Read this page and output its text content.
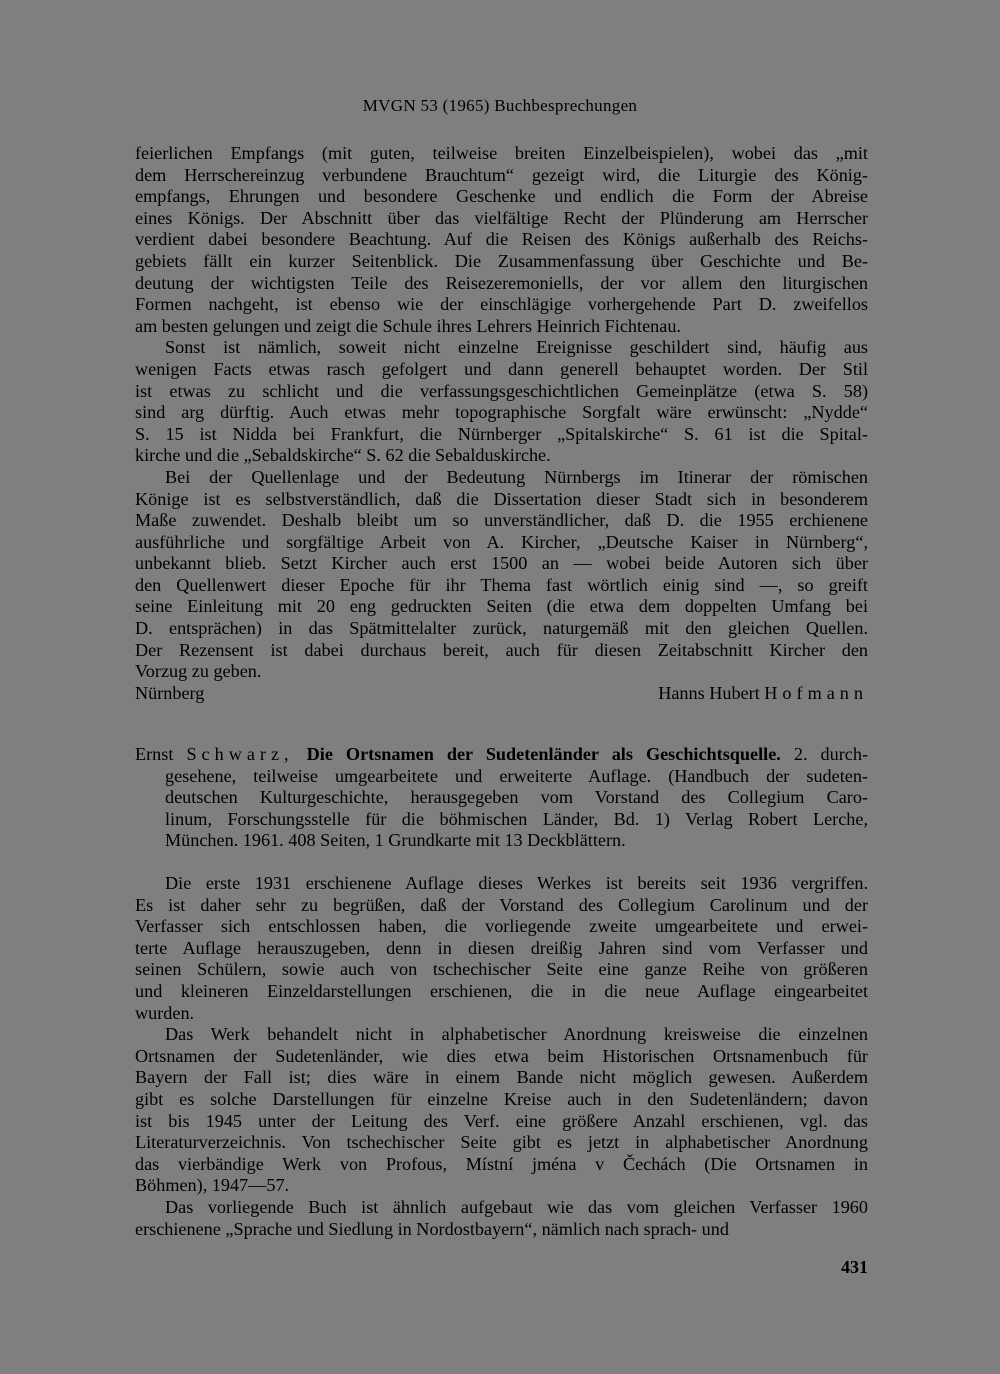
MVGN 53 (1965) Buchbesprechungen
feierlichen Empfangs (mit guten, teilweise breiten Einzelbeispielen), wobei das „mit
dem Herrschereinzug verbundene Brauchtum“ gezeigt wird, die Liturgie des König-
empfangs, Ehrungen und besondere Geschenke und endlich die Form der Abreise
eines Königs. Der Abschnitt über das vielfältige Recht der Plünderung am Herrscher
verdient dabei besondere Beachtung. Auf die Reisen des Königs außerhalb des Reichs-
gebiets fällt ein kurzer Seitenblick. Die Zusammenfassung über Geschichte und Be-
deutung der wichtigsten Teile des Reisezeremoniells, der vor allem den liturgischen
Formen nachgeht, ist ebenso wie der einschlägige vorhergehende Part D. zweifellos
am besten gelungen und zeigt die Schule ihres Lehrers Heinrich Fichtenau.
Sonst ist nämlich, soweit nicht einzelne Ereignisse geschildert sind, häufig aus
wenigen Facts etwas rasch gefolgert und dann generell behauptet worden. Der Stil
ist etwas zu schlicht und die verfassungsgeschichtlichen Gemeinplätze (etwa S. 58)
sind arg dürftig. Auch etwas mehr topographische Sorgfalt wäre erwünscht: „Nydde“
S. 15 ist Nidda bei Frankfurt, die Nürnberger „Spitalskirche“ S. 61 ist die Spital-
kirche und die „Sebaldskirche“ S. 62 die Sebalduskirche.
Bei der Quellenlage und der Bedeutung Nürnbergs im Itinerar der römischen
Könige ist es selbstverständlich, daß die Dissertation dieser Stadt sich in besonderem
Maße zuwendet. Deshalb bleibt um so unverständlicher, daß D. die 1955 erchienene
ausführliche und sorgfältige Arbeit von A. Kircher, „Deutsche Kaiser in Nürnberg“,
unbekannt blieb. Setzt Kircher auch erst 1500 an — wobei beide Autoren sich über
den Quellenwert dieser Epoche für ihr Thema fast wörtlich einig sind —, so greift
seine Einleitung mit 20 eng gedruckten Seiten (die etwa dem doppelten Umfang bei
D. entsprächen) in das Spätmittelalter zurück, naturgemäß mit den gleichen Quellen.
Der Rezensent ist dabei durchaus bereit, auch für diesen Zeitabschnitt Kircher den
Vorzug zu geben.
Nürnberg	Hanns Hubert Hofmann
Ernst Schwarz, Die Ortsnamen der Sudetenländer als Geschichtsquelle. 2. durch-
gesehene, teilweise umgearbeitete und erweiterte Auflage. (Handbuch der sudeten-
deutschen Kulturgeschichte, herausgegeben vom Vorstand des Collegium Caro-
linum, Forschungsstelle für die böhmischen Länder, Bd. 1) Verlag Robert Lerche,
München. 1961. 408 Seiten, 1 Grundkarte mit 13 Deckblättern.
Die erste 1931 erschienene Auflage dieses Werkes ist bereits seit 1936 vergriffen.
Es ist daher sehr zu begrüßen, daß der Vorstand des Collegium Carolinum und der
Verfasser sich entschlossen haben, die vorliegende zweite umgearbeitete und erwei-
terte Auflage herauszugeben, denn in diesen dreißig Jahren sind vom Verfasser und
seinen Schülern, sowie auch von tschechischer Seite eine ganze Reihe von größeren
und kleineren Einzeldarstellungen erschienen, die in die neue Auflage eingearbeitet
wurden.
Das Werk behandelt nicht in alphabetischer Anordnung kreisweise die einzelnen
Ortsnamen der Sudetenländer, wie dies etwa beim Historischen Ortsnamenbuch für
Bayern der Fall ist; dies wäre in einem Bande nicht möglich gewesen. Außerdem
gibt es solche Darstellungen für einzelne Kreise auch in den Sudetenländern; davon
ist bis 1945 unter der Leitung des Verf. eine größere Anzahl erschienen, vgl. das
Literaturverzeichnis. Von tschechischer Seite gibt es jetzt in alphabetischer Anordnung
das vierbändige Werk von Profous, Místní jména v Čechách (Die Ortsnamen in
Böhmen), 1947—57.
Das vorliegende Buch ist ähnlich aufgebaut wie das vom gleichen Verfasser 1960
erschienene „Sprache und Siedlung in Nordostbayern“, nämlich nach sprach- und
431
